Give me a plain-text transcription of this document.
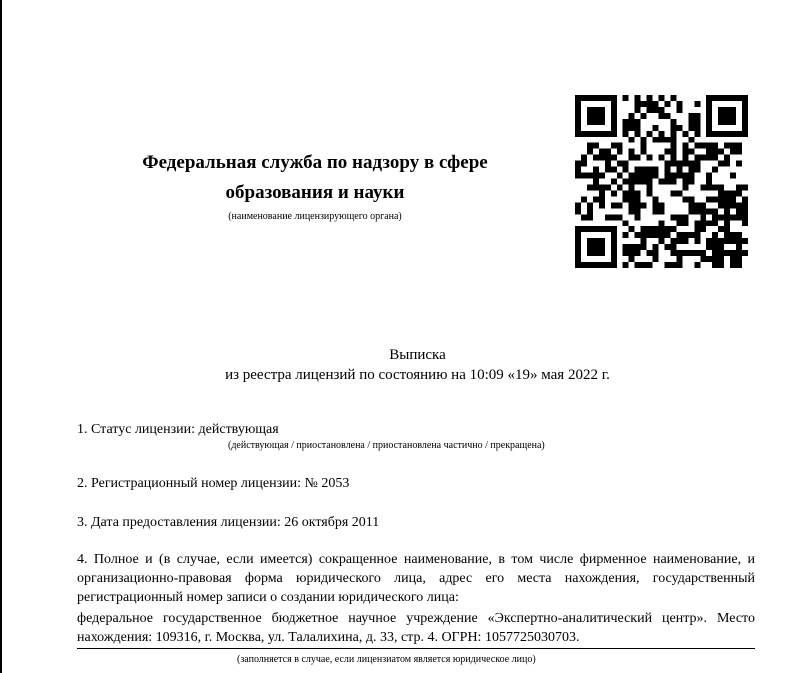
Федеральная служба по надзору в сфере
образования и науки
(наименование лицензирующего органа)
Выписка
из реестра лицензий по состоянию на 10:09 «19» мая 2022 г.
1. Статус лицензии: действующая
(действующая / приостановлена / приостановлена частично / прекращена)
2. Регистрационный номер лицензии: № 2053
3. Дата предоставления лицензии: 26 октября 2011
4. Полное и (в случае, если имеется) сокращенное наименование, в том числе фирменное наименование, и организационно-правовая форма юридического лица, адрес его места нахождения, государственный регистрационный номер записи о создании юридического лица:
федеральное государственное бюджетное научное учреждение «Экспертно-аналитический центр». Место нахождения: 109316, г. Москва, ул. Талалихина, д. 33, стр. 4. ОГРН: 1057725030703.
(заполняется в случае, если лицензиатом является юридическое лицо)
